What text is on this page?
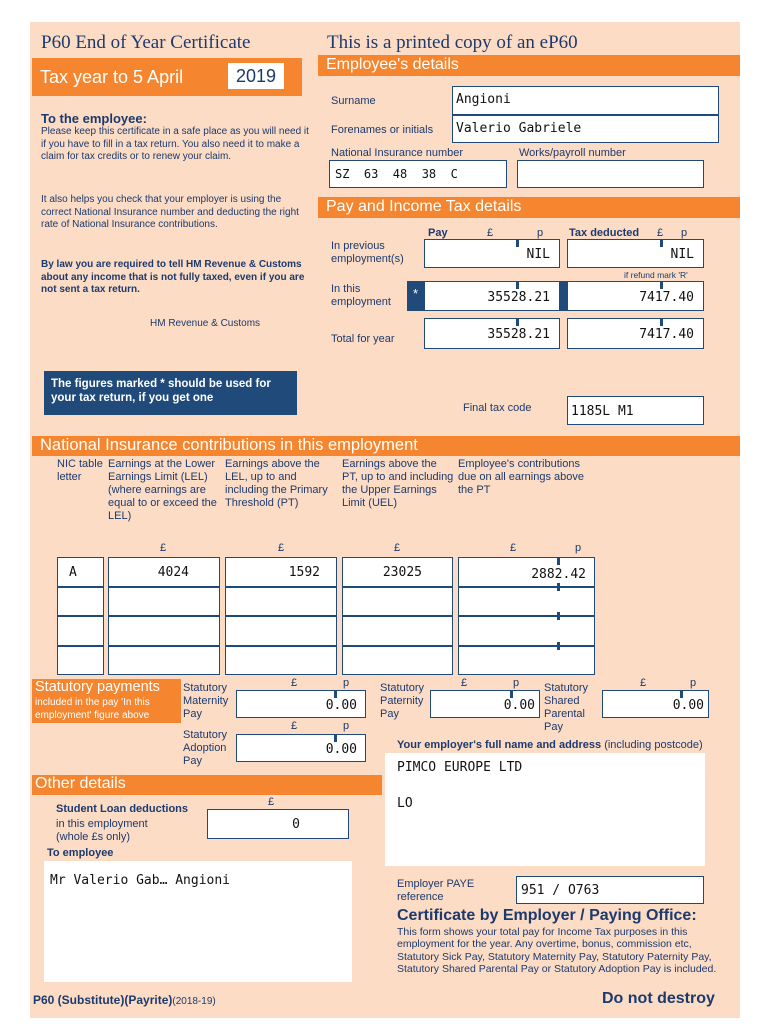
P60 End of Year Certificate	This is a printed copy of an eP60
Tax year to 5 April	2019
To the employee:
Please keep this certificate in a safe place as you will need it if you have to fill in a tax return. You also need it to make a claim for tax credits or to renew your claim.
It also helps you check that your employer is using the correct National Insurance number and deducting the right rate of National Insurance contributions.
By law you are required to tell HM Revenue & Customs about any income that is not fully taxed, even if you are not sent a tax return.
HM Revenue & Customs
The figures marked * should be used for your tax return, if you get one
Employee's details
Surname	Angioni
Forenames or initials Valerio Gabriele
National Insurance number
SZ  63  48  38  C
Works/payroll number
Pay and Income Tax details
Pay	£	p Tax deducted £ p
In previous employment(s)	NIL	NIL
if refund mark 'R'
In this employment
*	35528.21	7417.40
Total for year	35528.21	7417.40
Final tax code	1185L M1
National Insurance contributions in this employment
NIC table letter
Earnings at the Lower Earnings Limit (LEL) (where earnings are equal to or exceed the LEL)
Earnings above the LEL, up to and including the Primary Threshold (PT)
Earnings above the PT, up to and including the Upper Earnings Limit (UEL)
Employee's contributions due on all earnings above the PT
£	£	£	£	p
A	4024	1592	23025	2882.42
Statutory payments
included in the pay 'In this employment' figure above
Statutory Maternity Pay
£	p
0.00
Statutory Paternity Pay
£	p
0.00
Statutory Shared Parental Pay
£	p
0.00
Statutory Adoption Pay
£	p
0.00	Your employer's full name and address (including postcode)
PIMCO EUROPE LTD
LO
Employer PAYE reference	951 / O763
Certificate by Employer / Paying Office:
This form shows your total pay for Income Tax purposes in this employment for the year. Any overtime, bonus, commission etc, Statutory Sick Pay, Statutory Maternity Pay, Statutory Paternity Pay, Statutory Shared Parental Pay or Statutory Adoption Pay is included.
Other details
Student Loan deductions
in this employment (whole £s only)
£
0
To employee
Mr Valerio Gab… Angioni
P60 (Substitute)(Payrite)(2018-19)	Do not destroy
